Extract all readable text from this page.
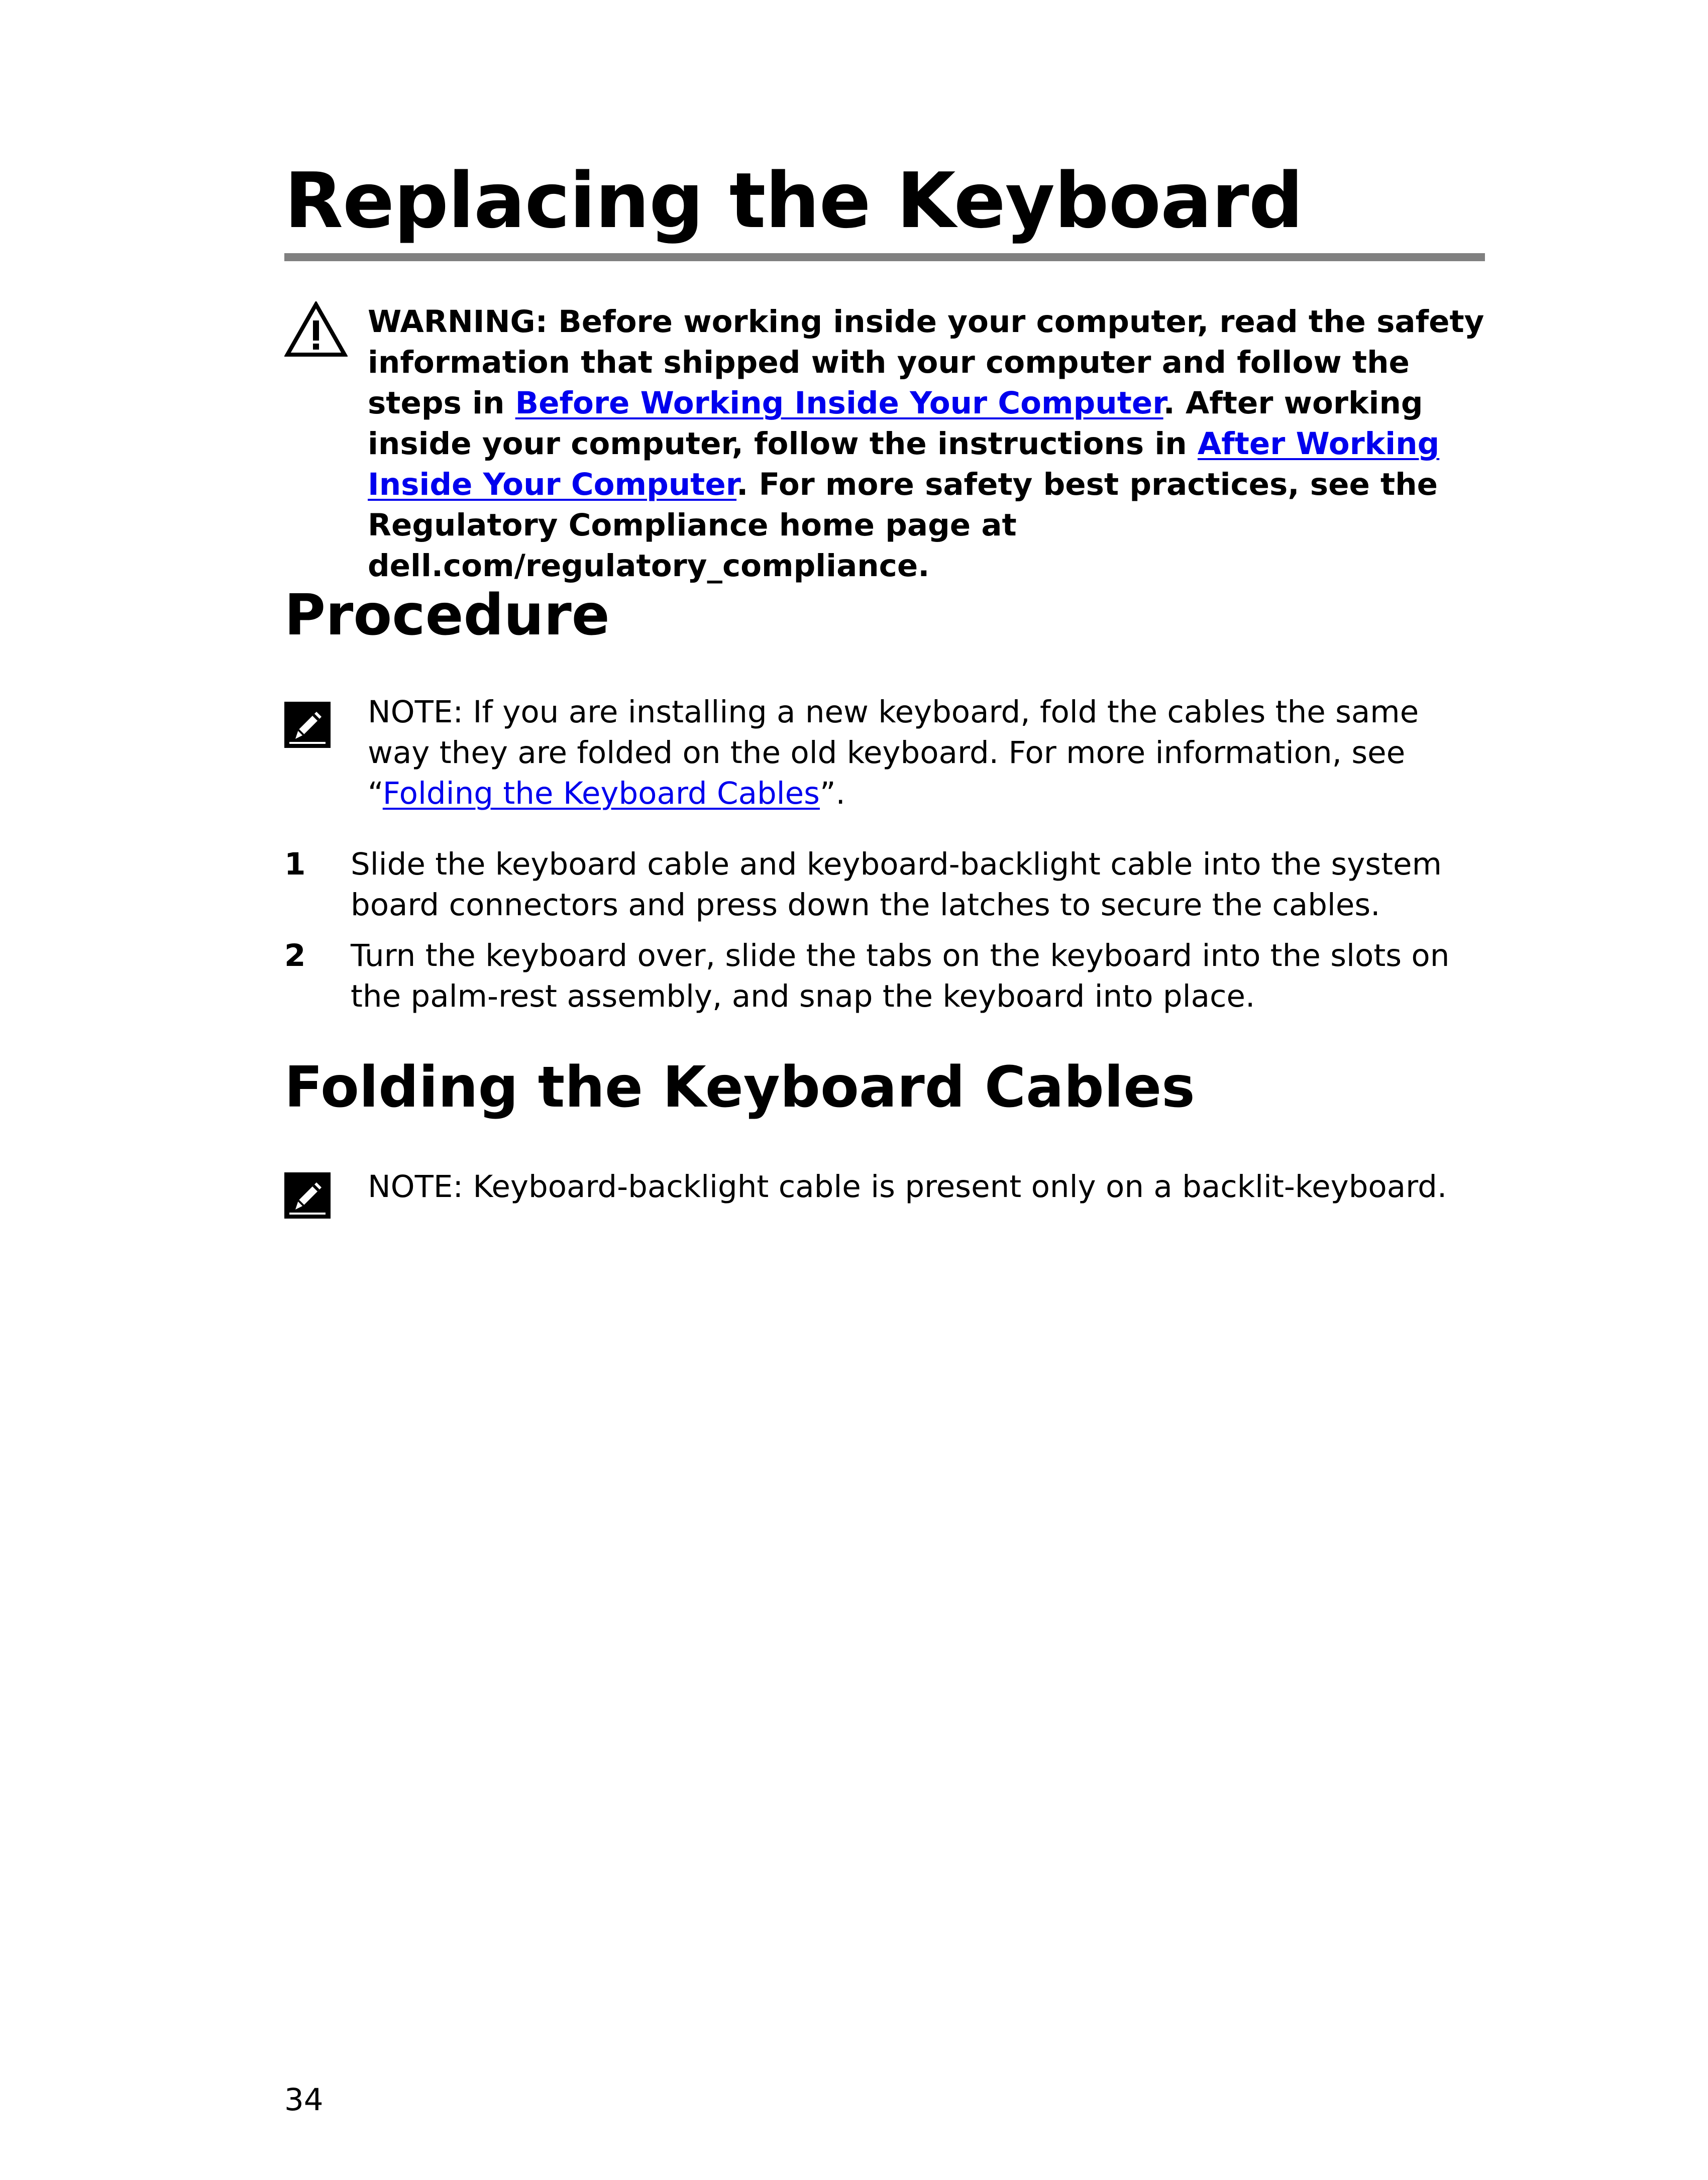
Replacing the Keyboard
WARNING: Before working inside your computer, read the safety information that shipped with your computer and follow the steps in Before Working Inside Your Computer. After working inside your computer, follow the instructions in After Working Inside Your Computer. For more safety best practices, see the Regulatory Compliance home page at dell.com/regulatory_compliance.
Procedure
NOTE: If you are installing a new keyboard, fold the cables the same way they are folded on the old keyboard. For more information, see “Folding the Keyboard Cables”.
1 Slide the keyboard cable and keyboard-backlight cable into the system board connectors and press down the latches to secure the cables.
2 Turn the keyboard over, slide the tabs on the keyboard into the slots on the palm-rest assembly, and snap the keyboard into place.
Folding the Keyboard Cables
NOTE: Keyboard-backlight cable is present only on a backlit-keyboard.
34
